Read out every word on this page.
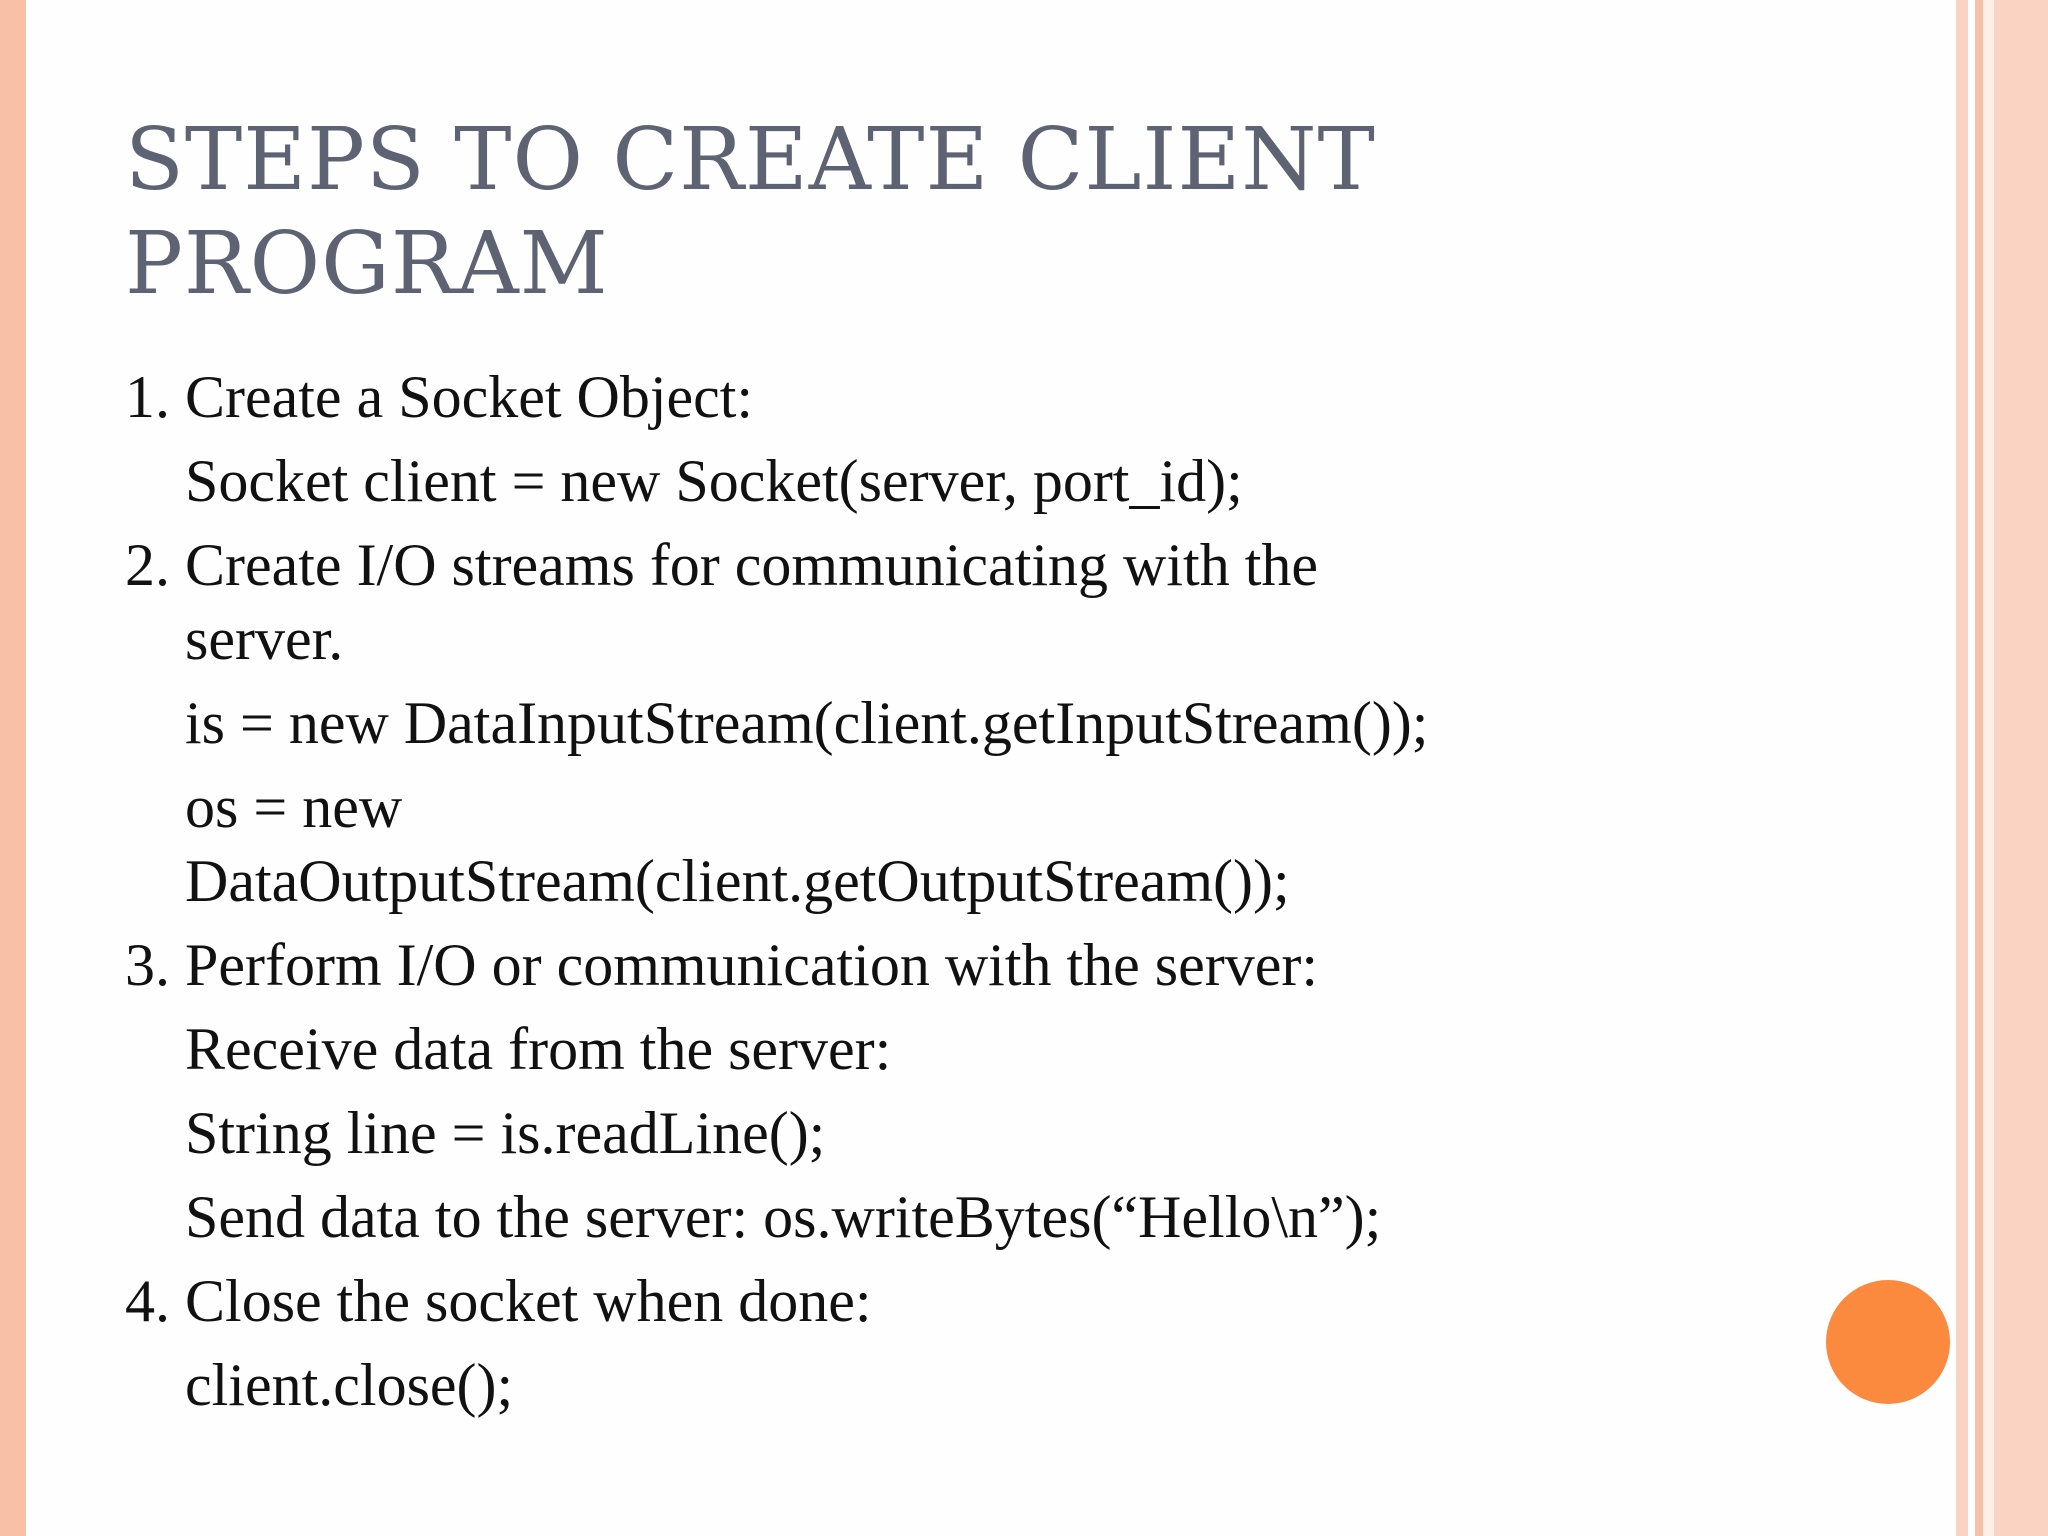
STEPS TO CREATE CLIENT PROGRAM
1. Create a Socket Object:
Socket client = new Socket(server, port_id);
2. Create I/O streams for communicating with the
server.
is = new DataInputStream(client.getInputStream());
os = new
DataOutputStream(client.getOutputStream());
3. Perform I/O or communication with the server:
Receive data from the server:
String line = is.readLine();
Send data to the server: os.writeBytes(“Hello\n”);
4. Close the socket when done:
client.close();
